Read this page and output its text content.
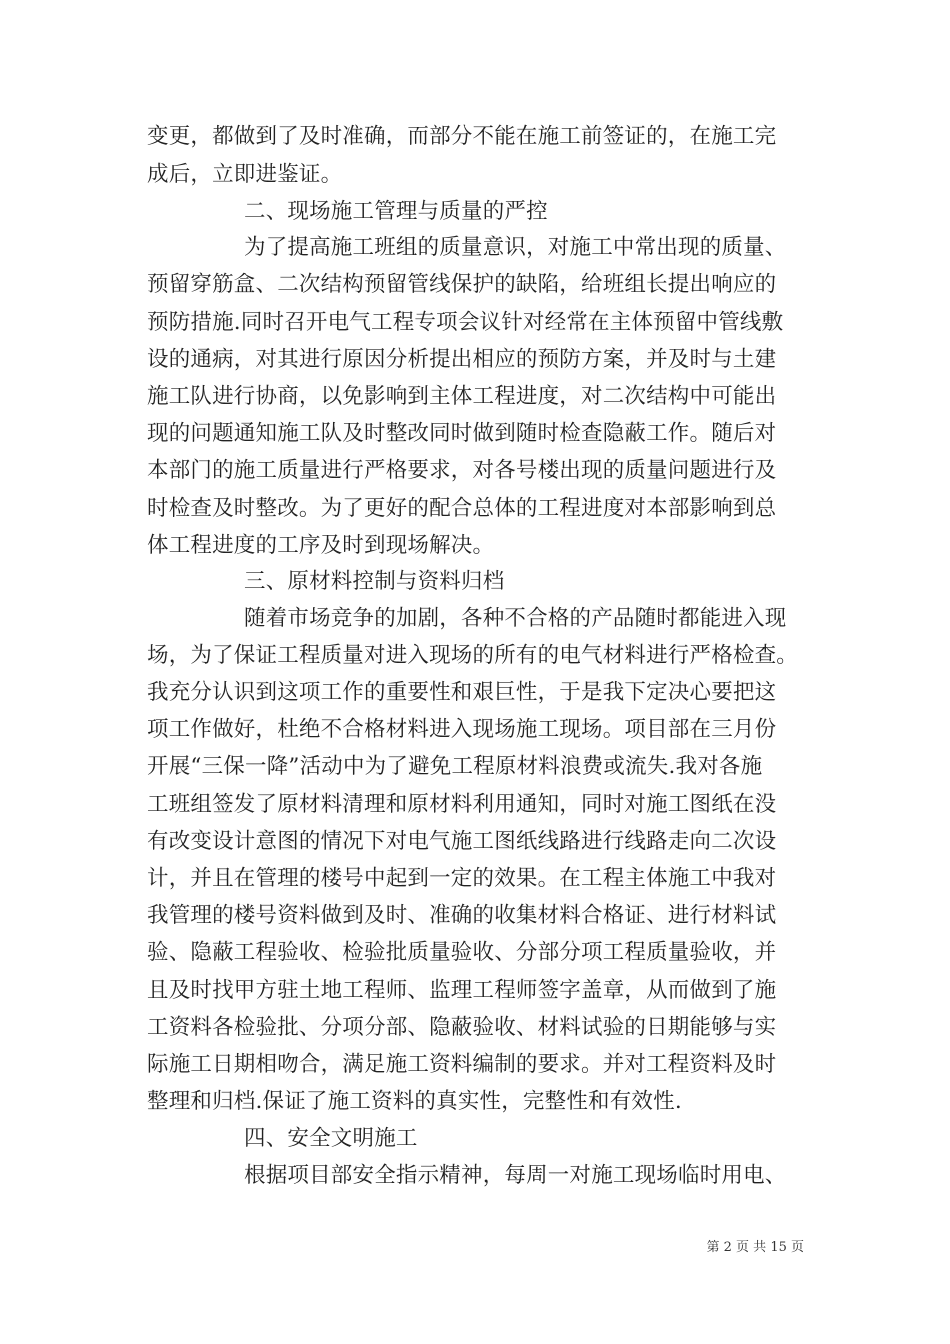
变更，都做到了及时准确，而部分不能在施工前签证的，在施工完
成后，立即进鉴证。
二、现场施工管理与质量的严控
为了提高施工班组的质量意识，对施工中常出现的质量、
预留穿筋盒、二次结构预留管线保护的缺陷，给班组长提出响应的
预防措施.同时召开电气工程专项会议针对经常在主体预留中管线敷
设的通病，对其进行原因分析提出相应的预防方案，并及时与土建
施工队进行协商，以免影响到主体工程进度，对二次结构中可能出
现的问题通知施工队及时整改同时做到随时检查隐蔽工作。随后对
本部门的施工质量进行严格要求，对各号楼出现的质量问题进行及
时检查及时整改。为了更好的配合总体的工程进度对本部影响到总
体工程进度的工序及时到现场解决。
三、原材料控制与资料归档
随着市场竞争的加剧，各种不合格的产品随时都能进入现
场，为了保证工程质量对进入现场的所有的电气材料进行严格检查。
我充分认识到这项工作的重要性和艰巨性，于是我下定决心要把这
项工作做好，杜绝不合格材料进入现场施工现场。项目部在三月份
开展“三保一降”活动中为了避免工程原材料浪费或流失.我对各施
工班组签发了原材料清理和原材料利用通知，同时对施工图纸在没
有改变设计意图的情况下对电气施工图纸线路进行线路走向二次设
计，并且在管理的楼号中起到一定的效果。在工程主体施工中我对
我管理的楼号资料做到及时、准确的收集材料合格证、进行材料试
验、隐蔽工程验收、检验批质量验收、分部分项工程质量验收，并
且及时找甲方驻土地工程师、监理工程师签字盖章，从而做到了施
工资料各检验批、分项分部、隐蔽验收、材料试验的日期能够与实
际施工日期相吻合，满足施工资料编制的要求。并对工程资料及时
整理和归档.保证了施工资料的真实性，完整性和有效性.
四、安全文明施工
根据项目部安全指示精神，每周一对施工现场临时用电、
第 2 页 共 15 页
